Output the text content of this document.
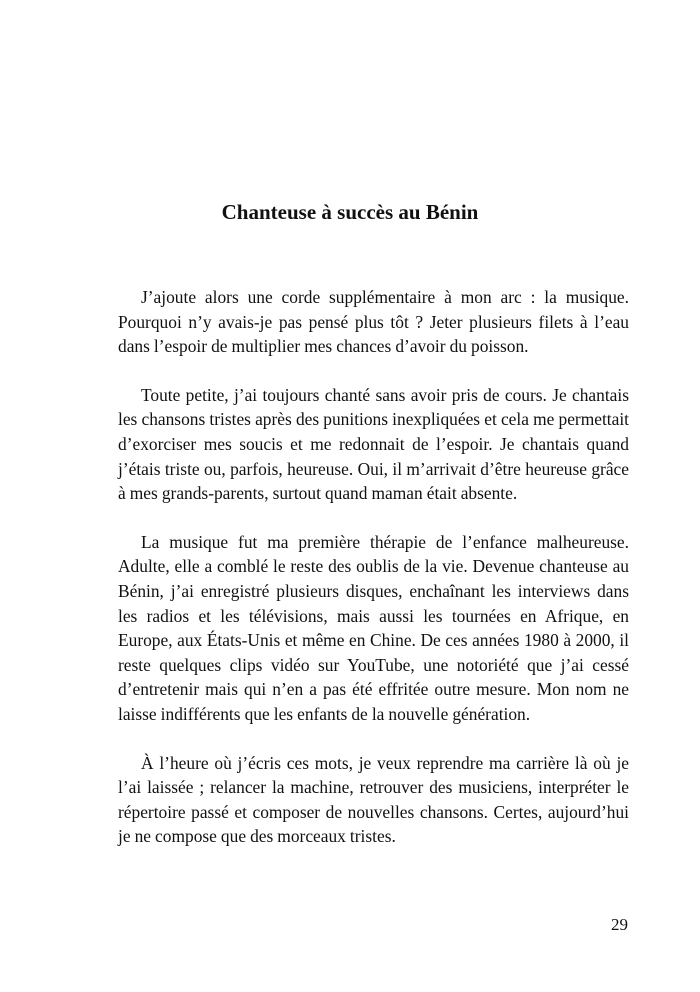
Chanteuse à succès au Bénin

J’ajoute alors une corde supplémentaire à mon arc : la musique. Pourquoi n’y avais-je pas pensé plus tôt ? Jeter plusieurs filets à l’eau dans l’espoir de multiplier mes chances d’avoir du poisson.

Toute petite, j’ai toujours chanté sans avoir pris de cours. Je chantais les chansons tristes après des punitions inexpliquées et cela me permettait d’exorciser mes soucis et me redonnait de l’espoir. Je chantais quand j’étais triste ou, parfois, heureuse. Oui, il m’arrivait d’être heureuse grâce à mes grands-parents, surtout quand maman était absente.

La musique fut ma première thérapie de l’enfance malheureuse. Adulte, elle a comblé le reste des oublis de la vie. Devenue chanteuse au Bénin, j’ai enregistré plusieurs disques, enchaînant les interviews dans les radios et les télévisions, mais aussi les tournées en Afrique, en Europe, aux États-Unis et même en Chine. De ces années 1980 à 2000, il reste quelques clips vidéo sur YouTube, une notoriété que j’ai cessé d’entretenir mais qui n’en a pas été effritée outre mesure. Mon nom ne laisse indifférents que les enfants de la nouvelle génération.

À l’heure où j’écris ces mots, je veux reprendre ma carrière là où je l’ai laissée ; relancer la machine, retrouver des musiciens, interpréter le répertoire passé et composer de nouvelles chansons. Certes, aujourd’hui je ne compose que des morceaux tristes.

29
